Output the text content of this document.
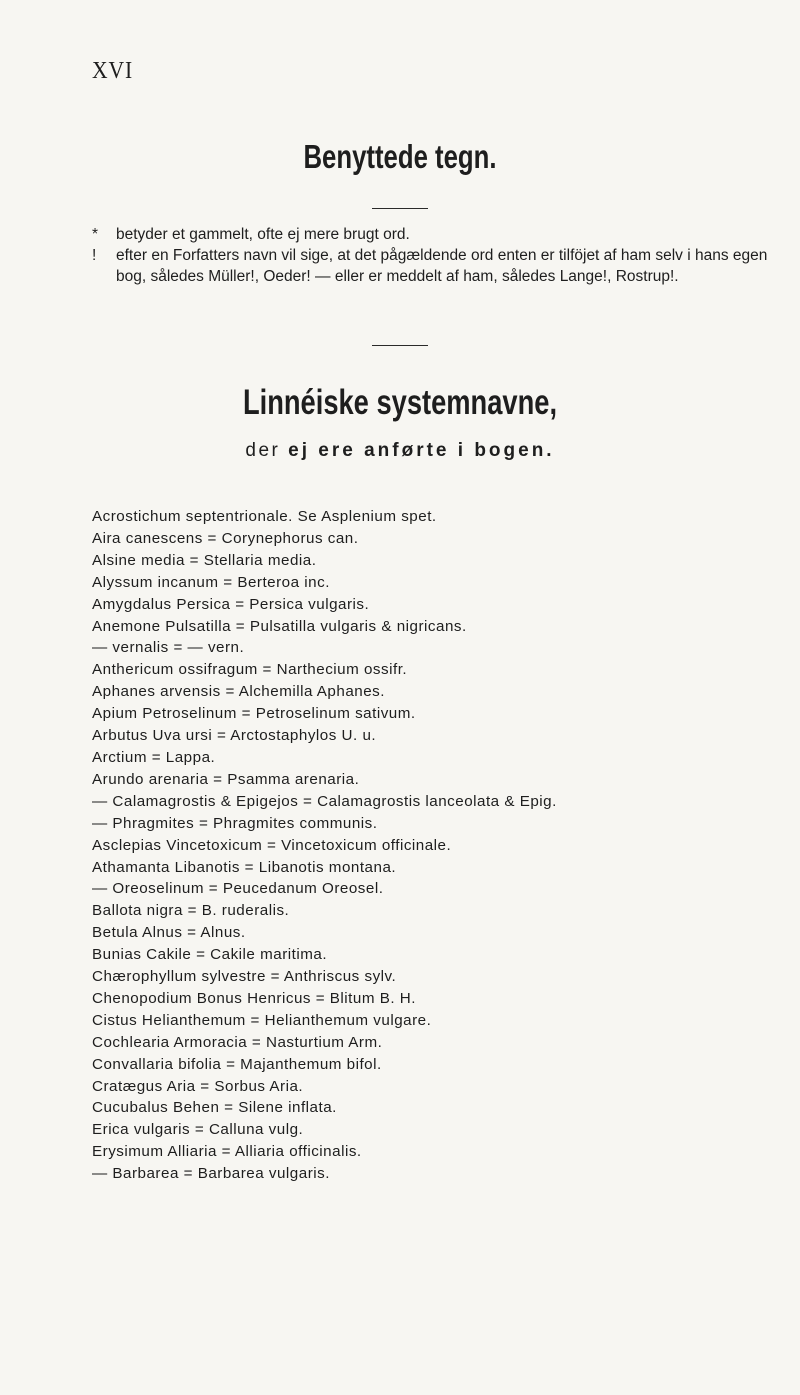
XVI
Benyttede tegn.
*	betyder et gammelt, ofte ej mere brugt ord.
!	efter en Forfatters navn vil sige, at det pågældende ord enten er tilföjet af ham selv i hans egen bog, således Müller!, Oeder! — eller er meddelt af ham, således Lange!, Rostrup!.
Linnéiske systemnavne,
der ej ere anførte i bogen.
Acrostichum septentrionale. Se Asplenium spet.
Aira canescens = Corynephorus can.
Alsine media = Stellaria media.
Alyssum incanum = Berteroa inc.
Amygdalus Persica = Persica vulgaris.
Anemone Pulsatilla = Pulsatilla vulgaris & nigricans.
— vernalis = — vern.
Anthericum ossifragum = Narthecium ossifr.
Aphanes arvensis = Alchemilla Aphanes.
Apium Petroselinum = Petroselinum sativum.
Arbutus Uva ursi = Arctostaphylos U. u.
Arctium = Lappa.
Arundo arenaria = Psamma arenaria.
— Calamagrostis & Epigejos = Calamagrostis lanceolata & Epig.
— Phragmites = Phragmites communis.
Asclepias Vincetoxicum = Vincetoxicum officinale.
Athamanta Libanotis = Libanotis montana.
— Oreoselinum = Peucedanum Oreosel.
Ballota nigra = B. ruderalis.
Betula Alnus = Alnus.
Bunias Cakile = Cakile maritima.
Chærophyllum sylvestre = Anthriscus sylv.
Chenopodium Bonus Henricus = Blitum B. H.
Cistus Helianthemum = Helianthemum vulgare.
Cochlearia Armoracia = Nasturtium Arm.
Convallaria bifolia = Majanthemum bifol.
Cratægus Aria = Sorbus Aria.
Cucubalus Behen = Silene inflata.
Erica vulgaris = Calluna vulg.
Erysimum Alliaria = Alliaria officinalis.
— Barbarea = Barbarea vulgaris.
